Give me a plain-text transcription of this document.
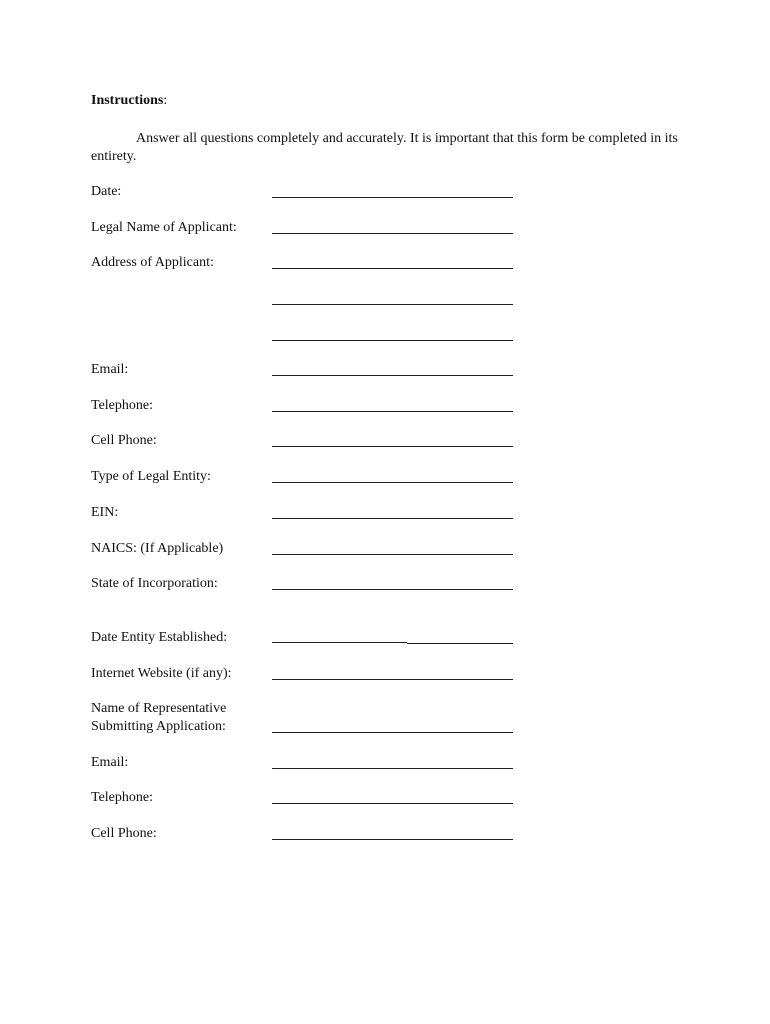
Instructions:
Answer all questions completely and accurately. It is important that this form be completed in its entirety.
Date:
Legal Name of Applicant:
Address of Applicant:
Email:
Telephone:
Cell Phone:
Type of Legal Entity:
EIN:
NAICS: (If Applicable)
State of Incorporation:
Date Entity Established:
Internet Website (if any):
Name of Representative
Submitting Application:
Email:
Telephone:
Cell Phone:
